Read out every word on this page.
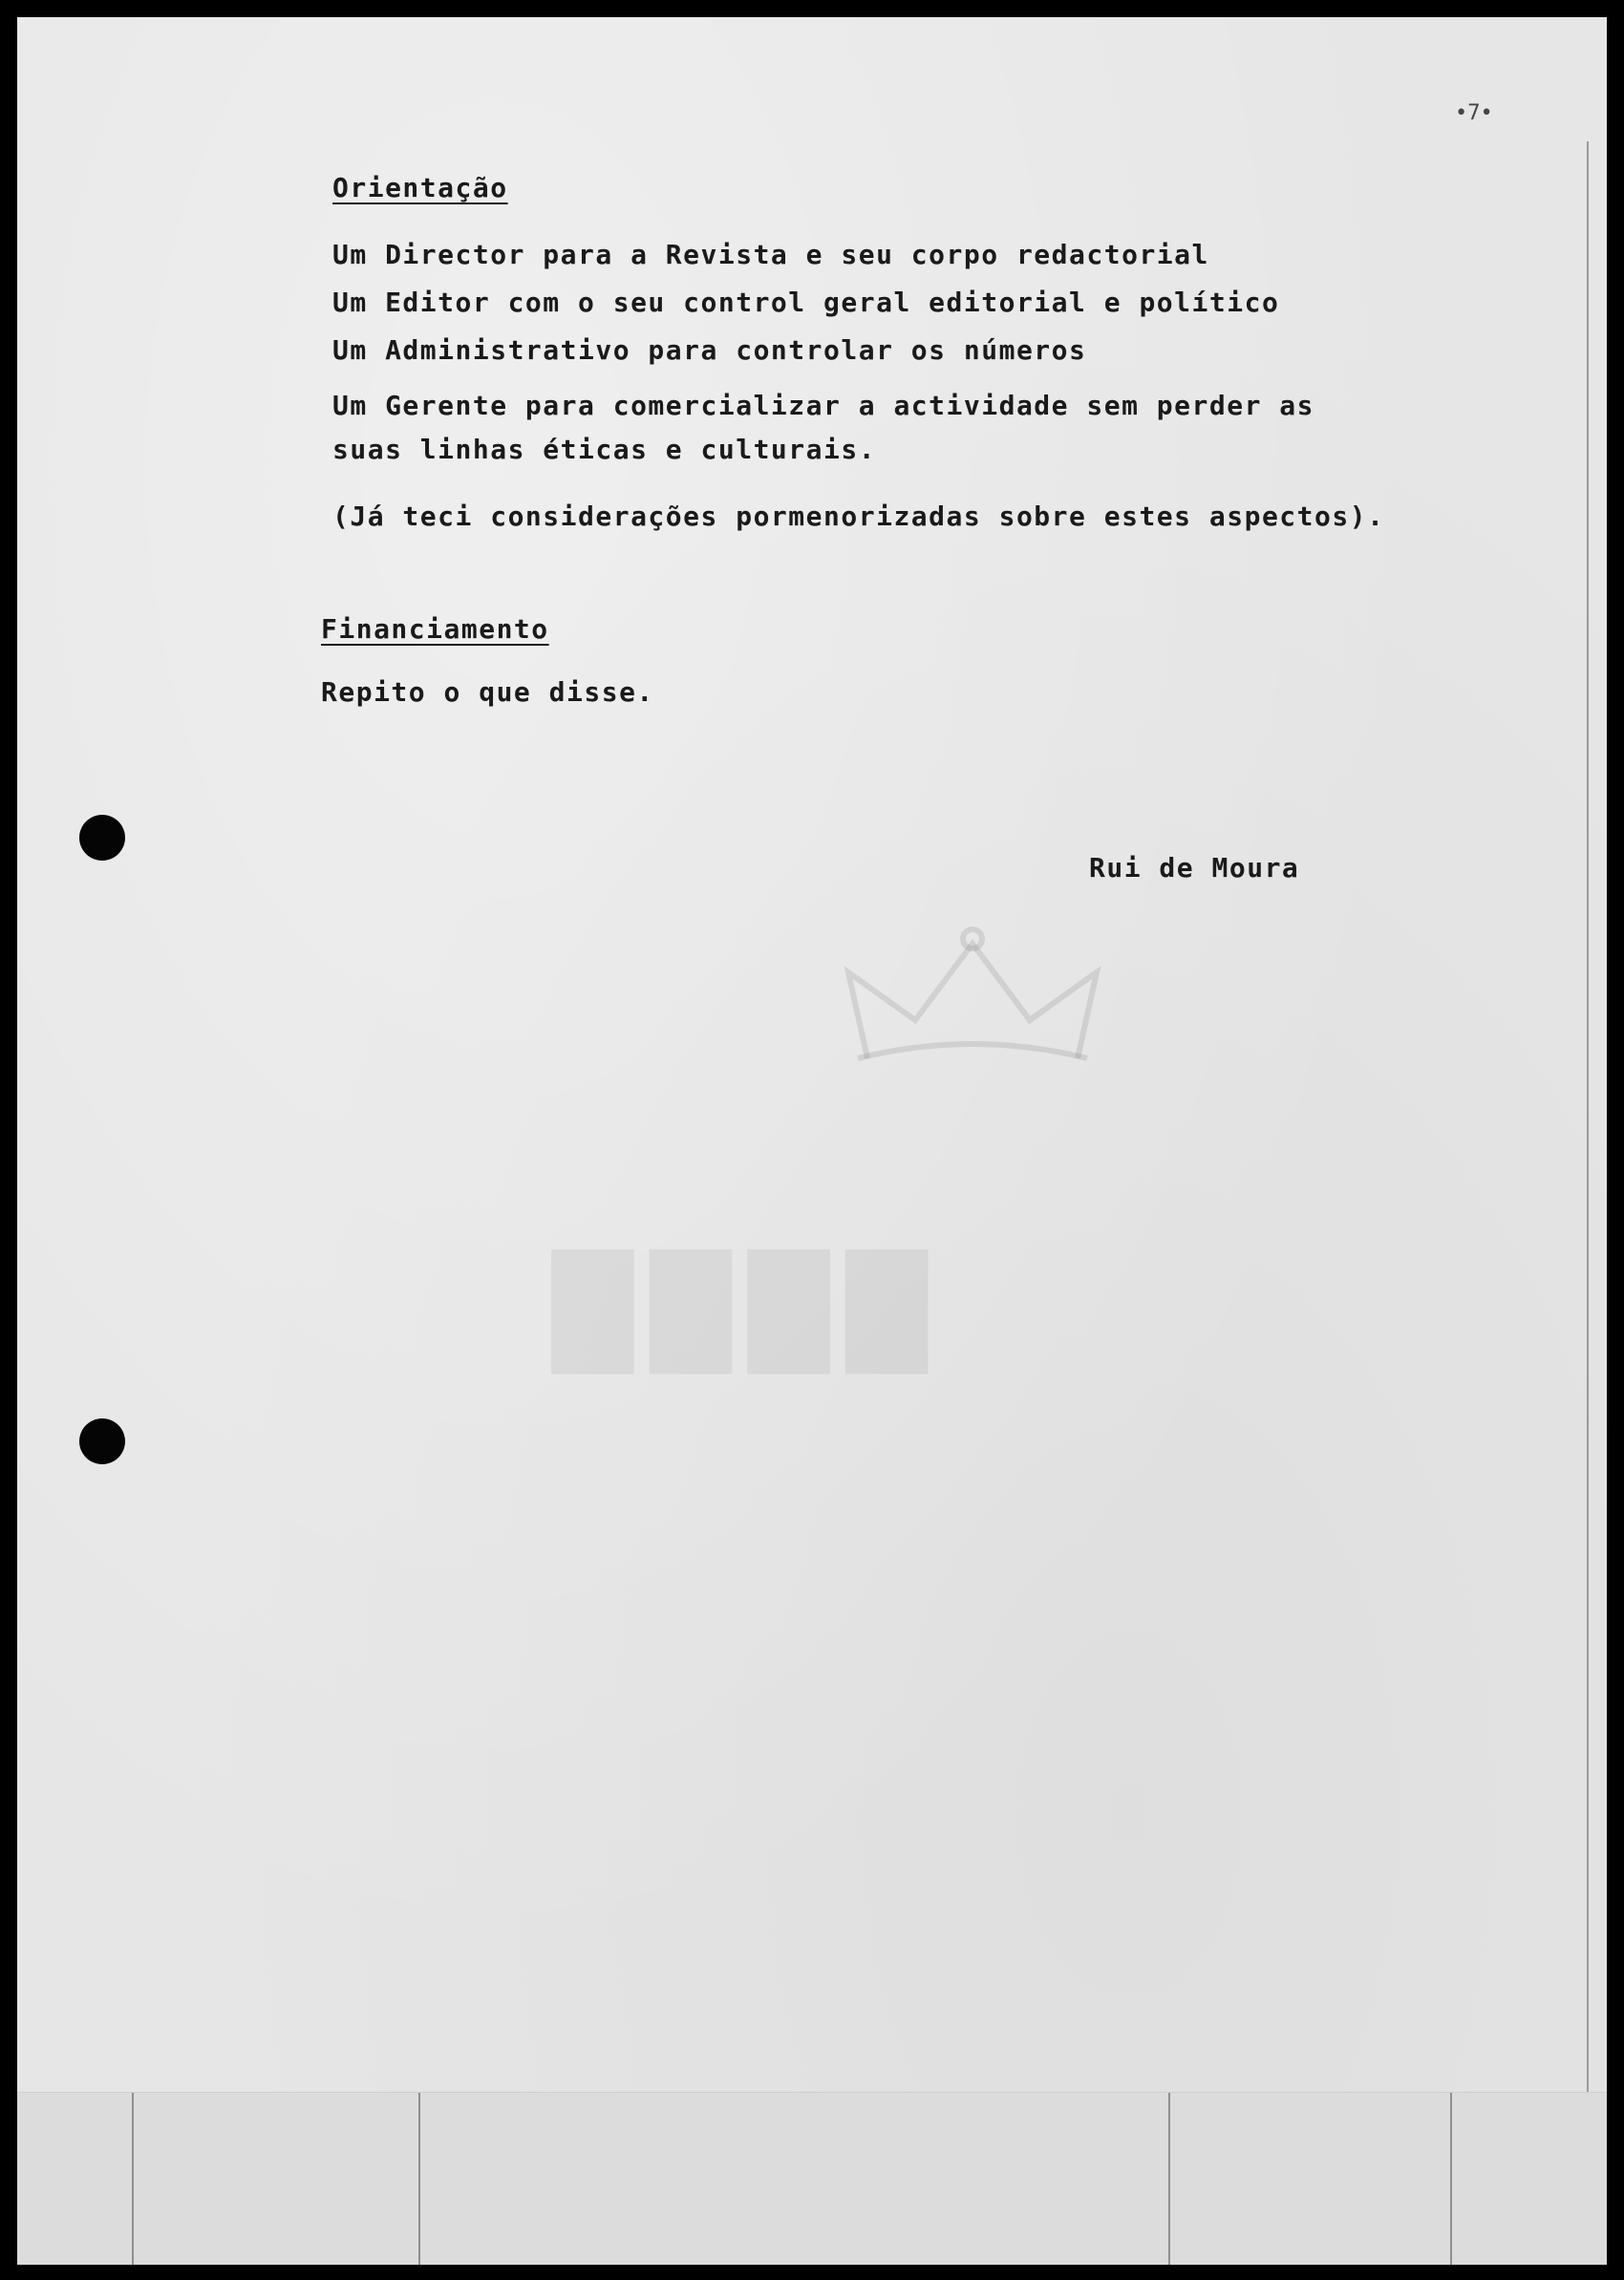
████
•7•
Orientação
Um Director para a Revista e seu corpo redactorial
Um Editor com o seu control geral editorial e político
Um Administrativo para controlar os números
Um Gerente para comercializar a actividade sem perder as
suas linhas éticas e culturais.
(Já teci considerações pormenorizadas sobre estes aspectos).
Financiamento
Repito o que disse.
Rui de Moura
